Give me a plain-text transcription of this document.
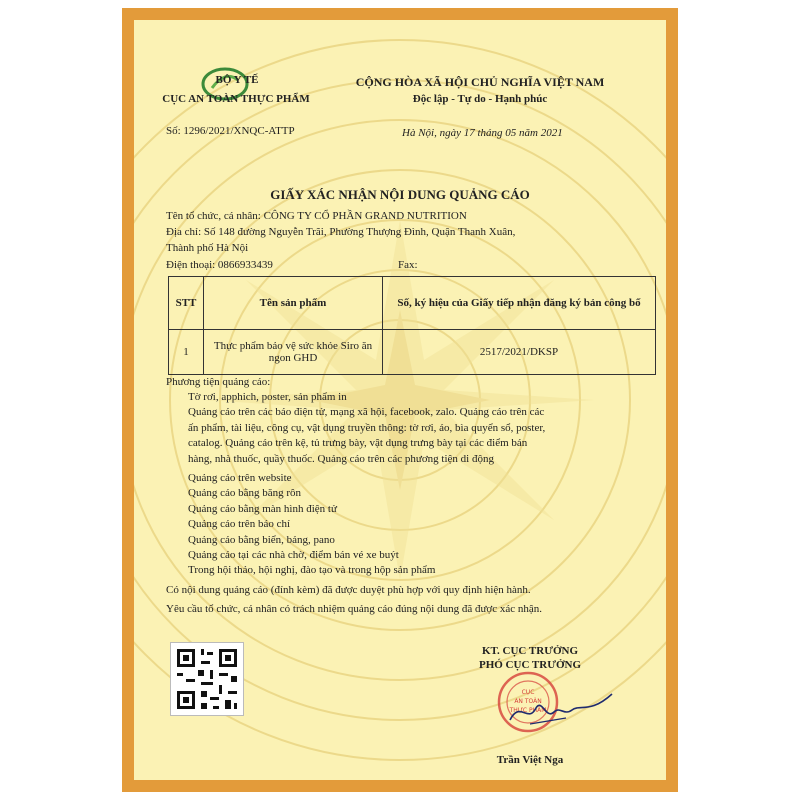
BỘ Y TẾ
CỤC AN TOÀN THỰC PHẨM
Số: 1296/2021/XNQC-ATTP
CỘNG HÒA XÃ HỘI CHỦ NGHĨA VIỆT NAM
Độc lập - Tự do - Hạnh phúc
Hà Nội, ngày 17 tháng 05 năm 2021
GIẤY XÁC NHẬN NỘI DUNG QUẢNG CÁO
Tên tổ chức, cá nhân: CÔNG TY CỔ PHẦN GRAND NUTRITION
Địa chỉ: Số 148 đường Nguyễn Trãi, Phường Thượng Đình, Quận Thanh Xuân,
Thành phố Hà Nội
Điện thoại: 0866933439	Fax:
STT	Tên sản phẩm	Số, ký hiệu của Giấy tiếp nhận đăng ký bản công bố
1	Thực phẩm bảo vệ sức khỏe Siro ăn ngon GHD	2517/2021/DKSP
Phương tiện quảng cáo:
Tờ rơi, apphich, poster, sản phẩm in
Quảng cáo trên các báo điện tử, mạng xã hội, facebook, zalo. Quảng cáo trên các
ấn phẩm, tài liệu, công cụ, vật dụng truyền thông: tờ rơi, áo, bìa quyển sổ, poster,
catalog. Quảng cáo trên kệ, tủ trưng bày, vật dụng trưng bày tại các điểm bán
hàng, nhà thuốc, quầy thuốc. Quảng cáo trên các phương tiện di động
Quảng cáo trên website
Quảng cáo bằng băng rôn
Quảng cáo bằng màn hình điện tử
Quảng cáo trên báo chí
Quảng cáo bằng biển, bảng, pano
Quảng cáo tại các nhà chờ, điểm bán vé xe buýt
Trong hội thảo, hội nghị, đào tạo và trong hộp sản phẩm
Có nội dung quảng cáo (đính kèm) đã được duyệt phù hợp với quy định hiện hành.
Yêu cầu tổ chức, cá nhân có trách nhiệm quảng cáo đúng nội dung đã được xác nhận.
KT. CỤC TRƯỞNG
PHÓ CỤC TRƯỞNG
CỤC
AN TOÀN
THỰC PHẨM
Trần Việt Nga
